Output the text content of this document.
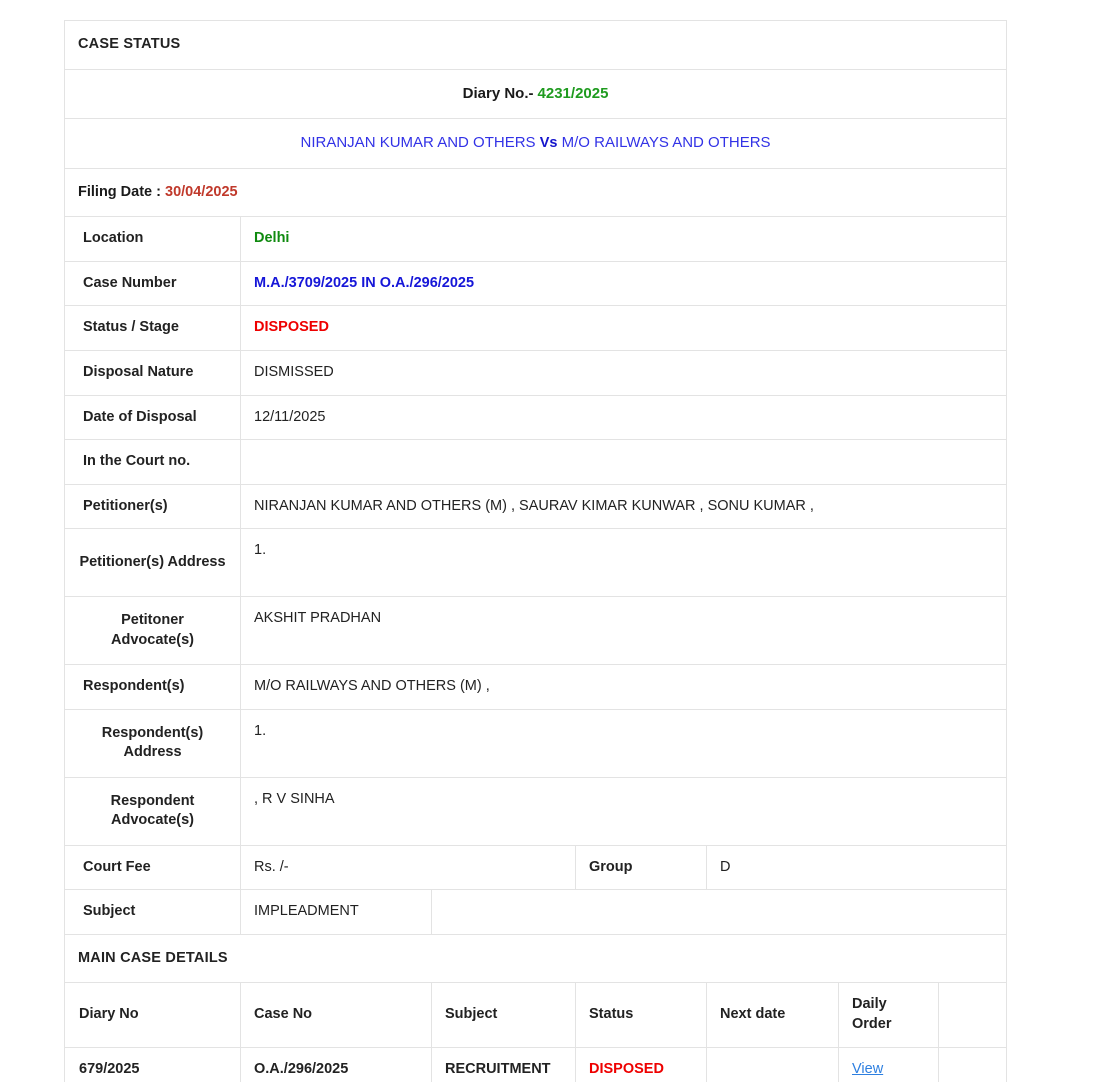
CASE STATUS						
Diary No.- 4231/2025						
NIRANJAN KUMAR AND OTHERS Vs M/O RAILWAYS AND OTHERS						
Filing Date : 30/04/2025						
Location	Delhi					
Case Number	M.A./3709/2025 IN O.A./296/2025					
Status / Stage	DISPOSED					
Disposal Nature	DISMISSED					
Date of Disposal	12/11/2025					
In the Court no.						
Petitioner(s)	NIRANJAN KUMAR AND OTHERS (M) , SAURAV KIMAR KUNWAR , SONU KUMAR ,					
Petitioner(s) Address	1.					
Petitoner Advocate(s)	AKSHIT PRADHAN					
Respondent(s)	M/O RAILWAYS AND OTHERS (M) ,					
Respondent(s) Address	1.					
Respondent Advocate(s)	, R V SINHA					
Court Fee	Rs. /-		Group	D		
Subject	IMPLEADMENT					
MAIN CASE DETAILS						
Diary No	Case No	Subject	Status	Next date	Daily Order	
679/2025	O.A./296/2025	RECRUITMENT	DISPOSED		View	
